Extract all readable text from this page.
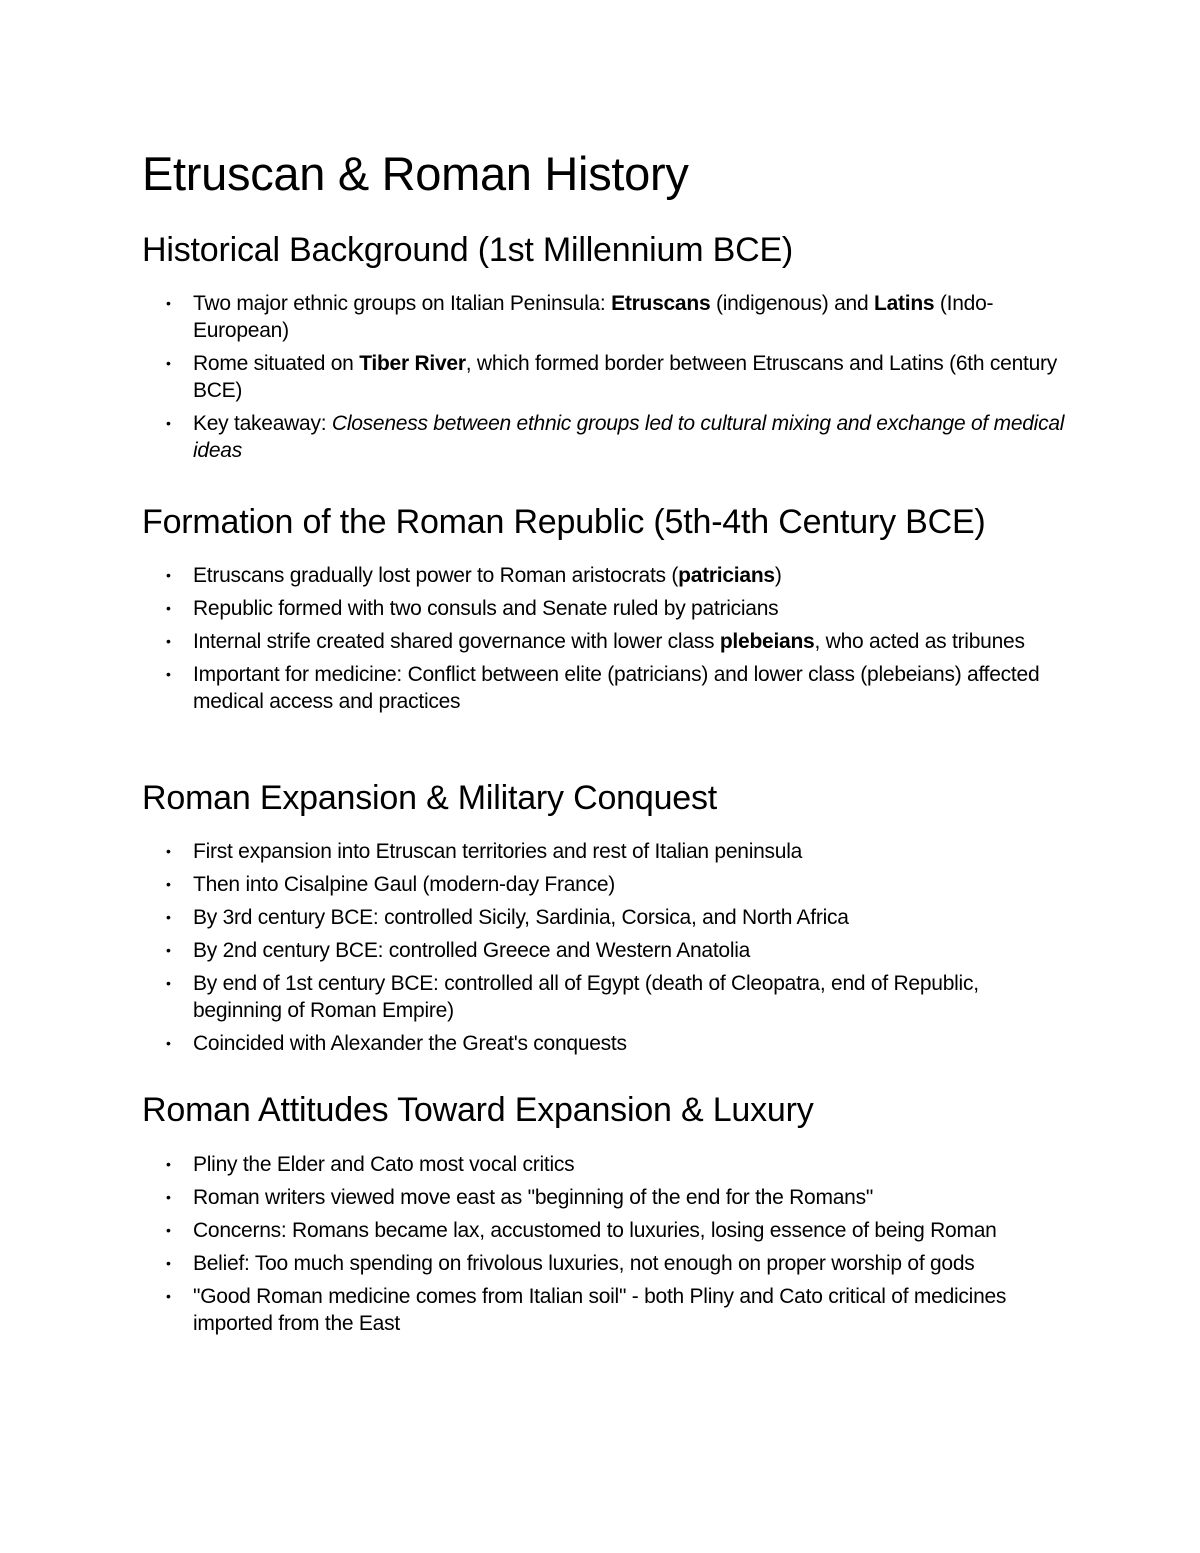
Etruscan & Roman History
Historical Background (1st Millennium BCE)
• Two major ethnic groups on Italian Peninsula: Etruscans (indigenous) and Latins (Indo-European)
• Rome situated on Tiber River, which formed border between Etruscans and Latins (6th century BCE)
• Key takeaway: Closeness between ethnic groups led to cultural mixing and exchange of medical ideas
Formation of the Roman Republic (5th-4th Century BCE)
• Etruscans gradually lost power to Roman aristocrats (patricians)
• Republic formed with two consuls and Senate ruled by patricians
• Internal strife created shared governance with lower class plebeians, who acted as tribunes
• Important for medicine: Conflict between elite (patricians) and lower class (plebeians) affected medical access and practices
Roman Expansion & Military Conquest
• First expansion into Etruscan territories and rest of Italian peninsula
• Then into Cisalpine Gaul (modern-day France)
• By 3rd century BCE: controlled Sicily, Sardinia, Corsica, and North Africa
• By 2nd century BCE: controlled Greece and Western Anatolia
• By end of 1st century BCE: controlled all of Egypt (death of Cleopatra, end of Republic, beginning of Roman Empire)
• Coincided with Alexander the Great's conquests
Roman Attitudes Toward Expansion & Luxury
• Pliny the Elder and Cato most vocal critics
• Roman writers viewed move east as "beginning of the end for the Romans"
• Concerns: Romans became lax, accustomed to luxuries, losing essence of being Roman
• Belief: Too much spending on frivolous luxuries, not enough on proper worship of gods
• "Good Roman medicine comes from Italian soil" - both Pliny and Cato critical of medicines imported from the East
